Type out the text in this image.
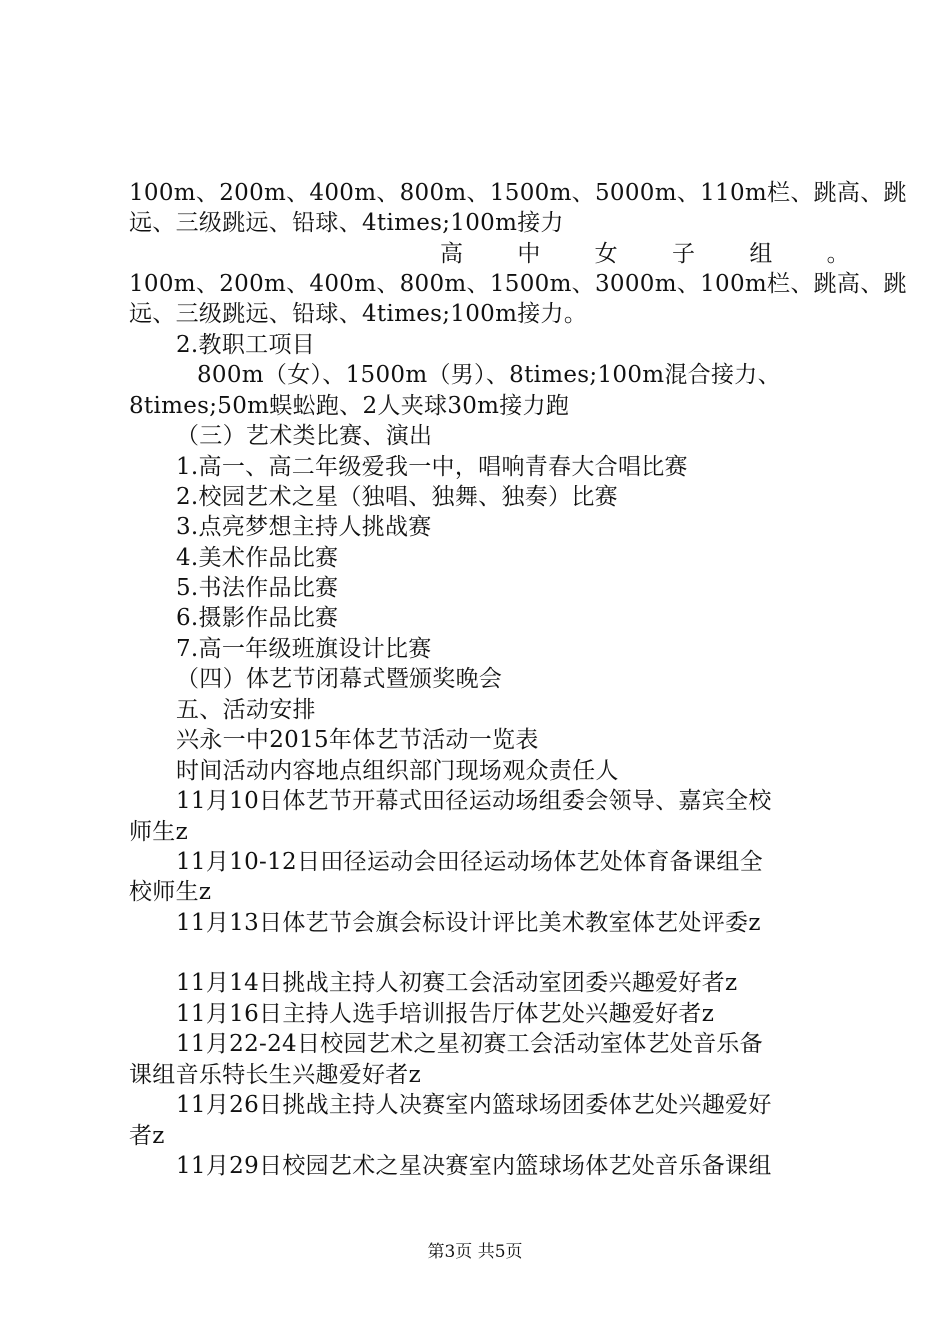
100m、200m、400m、800m、1500m、5000m、110m栏、跳高、跳
远、三级跳远、铅球、4times;100m接力
高 中 女 子 组 。
100m、200m、400m、800m、1500m、3000m、100m栏、跳高、跳
远、三级跳远、铅球、4times;100m接力。
2.教职工项目
800m（女）、1500m（男）、8times;100m混合接力、
8times;50m蜈蚣跑、2人夹球30m接力跑
（三）艺术类比赛、演出
1.高一、高二年级爱我一中，唱响青春大合唱比赛
2.校园艺术之星（独唱、独舞、独奏）比赛
3.点亮梦想主持人挑战赛
4.美术作品比赛
5.书法作品比赛
6.摄影作品比赛
7.高一年级班旗设计比赛
（四）体艺节闭幕式暨颁奖晚会
五、活动安排
兴永一中2015年体艺节活动一览表
时间活动内容地点组织部门现场观众责任人
11月10日体艺节开幕式田径运动场组委会领导、嘉宾全校
师生z
11月10-12日田径运动会田径运动场体艺处体育备课组全
校师生z
11月13日体艺节会旗会标设计评比美术教室体艺处评委z
11月14日挑战主持人初赛工会活动室团委兴趣爱好者z
11月16日主持人选手培训报告厅体艺处兴趣爱好者z
11月22-24日校园艺术之星初赛工会活动室体艺处音乐备
课组音乐特长生兴趣爱好者z
11月26日挑战主持人决赛室内篮球场团委体艺处兴趣爱好
者z
11月29日校园艺术之星决赛室内篮球场体艺处音乐备课组
第3页 共5页
